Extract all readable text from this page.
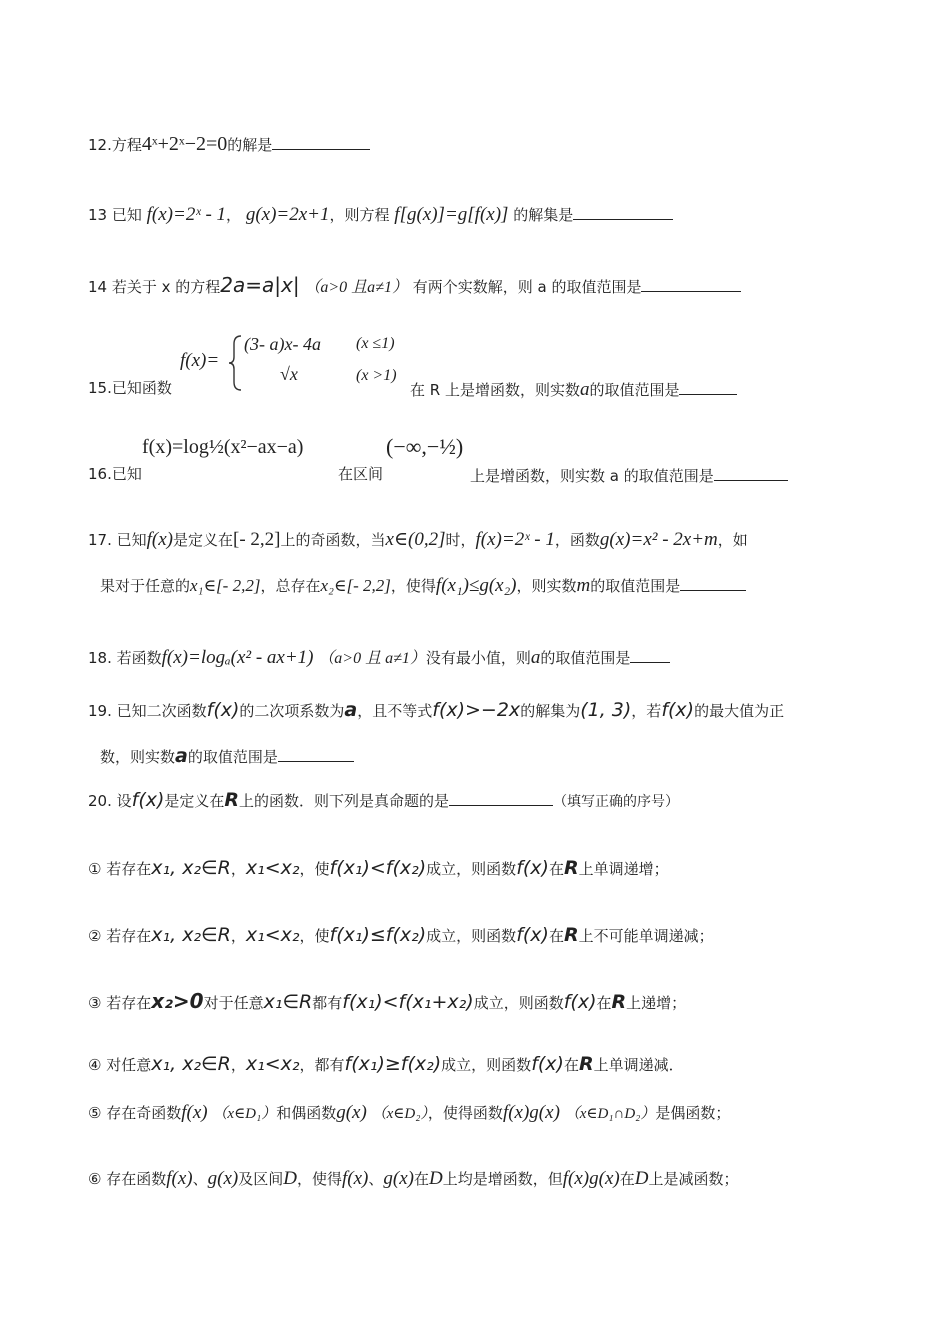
12.方程4ˣ+2ˣ−2=0的解是
13 已知 f(x)=2ˣ - 1， g(x)=2x+1，则方程 f[g(x)]=g[f(x)] 的解集是
14 若关于 x 的方程2a=a|x| （a>0 且a≠1） 有两个实数解，则 a 的取值范围是
15.已知函数
f(x)=
(3- a)x- 4a (x ≤1)
√x	(x >1)
在 R 上是增函数，则实数a的取值范围是
16.已知
f(x)=log½(x²−ax−a)
在区间
(−∞,−½)
上是增函数，则实数 a 的取值范围是
17. 已知f(x)是定义在[- 2,2]上的奇函数，当x∈(0,2]时，f(x)=2ˣ - 1，函数g(x)=x² - 2x+m，如
果对于任意的x₁∈[- 2,2]，总存在x₂∈[- 2,2]，使得f(x₁)≤g(x₂)，则实数m的取值范围是
18. 若函数f(x)=logₐ(x² - ax+1) （a>0 且 a≠1）没有最小值，则a的取值范围是
19. 已知二次函数f(x)的二次项系数为a，且不等式f(x)>−2x的解集为(1, 3)，若f(x)的最大值为正
数，则实数a的取值范围是
20. 设f(x)是定义在R上的函数．则下列是真命题的是	（填写正确的序号）
① 若存在x₁, x₂∈R，x₁<x₂，使f(x₁)<f(x₂)成立，则函数f(x)在R上单调递增；
② 若存在x₁, x₂∈R，x₁<x₂，使f(x₁)≤f(x₂)成立，则函数f(x)在R上不可能单调递减；
③ 若存在x₂>0对于任意x₁∈R都有f(x₁)<f(x₁+x₂)成立，则函数f(x)在R上递增；
④ 对任意x₁, x₂∈R，x₁<x₂，都有f(x₁)≥f(x₂)成立，则函数f(x)在R上单调递减．
⑤ 存在奇函数f(x) （x∈D₁）和偶函数g(x) （x∈D₂），使得函数f(x)g(x) （x∈D₁∩D₂）是偶函数；
⑥ 存在函数f(x)、g(x)及区间D，使得f(x)、g(x)在D上均是增函数，但f(x)g(x)在D上是减函数；
